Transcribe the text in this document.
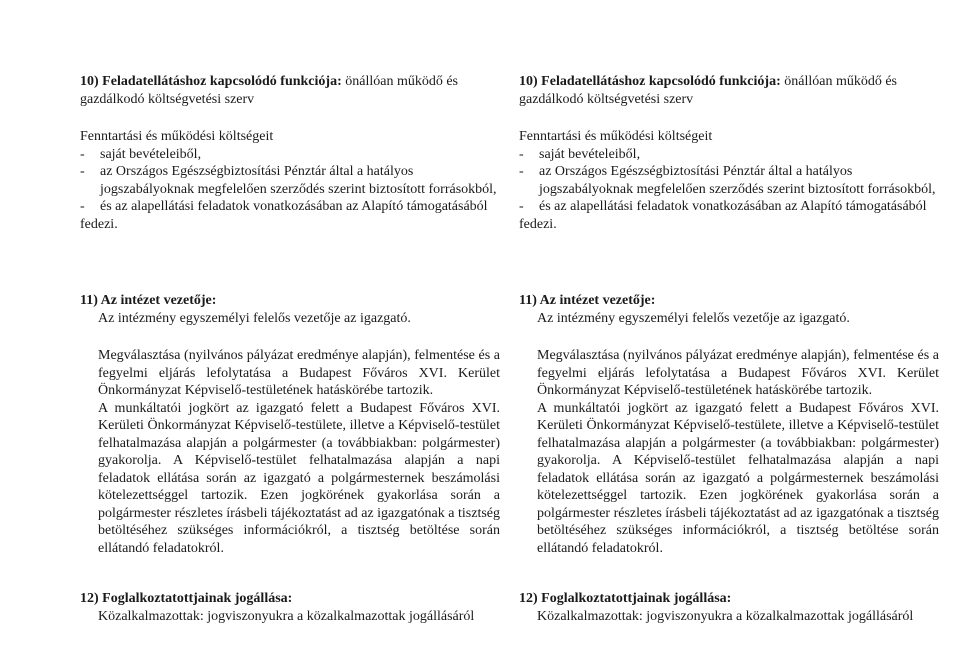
10) Feladatellátáshoz kapcsolódó funkciója: önállóan működő és gazdálkodó költségvetési szerv
Fenntartási és működési költségeit
-	saját bevételeiből,
-	az Országos Egészségbiztosítási Pénztár által a hatályos jogszabályoknak megfelelően szerződés szerint biztosított forrásokból,
-	és az alapellátási feladatok vonatkozásában az Alapító támogatásából
fedezi.
11) Az intézet vezetője:
Az intézmény egyszemélyi felelős vezetője az igazgató.

Megválasztása (nyilvános pályázat eredménye alapján), felmentése és a fegyelmi eljárás lefolytatása a Budapest Főváros XVI. Kerület Önkormányzat Képviselő-testületének hatáskörébe tartozik.

A munkáltatói jogkört az igazgató felett a Budapest Főváros XVI. Kerületi Önkormányzat Képviselő-testülete, illetve a Képviselő-testület felhatalmazása alapján a polgármester (a továbbiakban: polgármester) gyakorolja. A Képviselő-testület felhatalmazása alapján a napi feladatok ellátása során az igazgató a polgármesternek beszámolási kötelezettséggel tartozik. Ezen jogkörének gyakorlása során a polgármester részletes írásbeli tájékoztatást ad az igazgatónak a tisztség betöltéséhez szükséges információkról, a tisztség betöltése során ellátandó feladatokról.

12) Foglalkoztatottjainak jogállása:
Közalkalmazottak: jogviszonyukra a közalkalmazottak jogállásáról
10) Feladatellátáshoz kapcsolódó funkciója: önállóan működő és gazdálkodó költségvetési szerv
Fenntartási és működési költségeit
-	saját bevételeiből,
-	az Országos Egészségbiztosítási Pénztár által a hatályos jogszabályoknak megfelelően szerződés szerint biztosított forrásokból,
-	és az alapellátási feladatok vonatkozásában az Alapító támogatásából
fedezi.
11) Az intézet vezetője:
Az intézmény egyszemélyi felelős vezetője az igazgató.

Megválasztása (nyilvános pályázat eredménye alapján), felmentése és a fegyelmi eljárás lefolytatása a Budapest Főváros XVI. Kerület Önkormányzat Képviselő-testületének hatáskörébe tartozik.

A munkáltatói jogkört az igazgató felett a Budapest Főváros XVI. Kerületi Önkormányzat Képviselő-testülete, illetve a Képviselő-testület felhatalmazása alapján a polgármester (a továbbiakban: polgármester) gyakorolja. A Képviselő-testület felhatalmazása alapján a napi feladatok ellátása során az igazgató a polgármesternek beszámolási kötelezettséggel tartozik. Ezen jogkörének gyakorlása során a polgármester részletes írásbeli tájékoztatást ad az igazgatónak a tisztség betöltéséhez szükséges információkról, a tisztség betöltése során ellátandó feladatokról.

12) Foglalkoztatottjainak jogállása:
Közalkalmazottak: jogviszonyukra a közalkalmazottak jogállásáról
